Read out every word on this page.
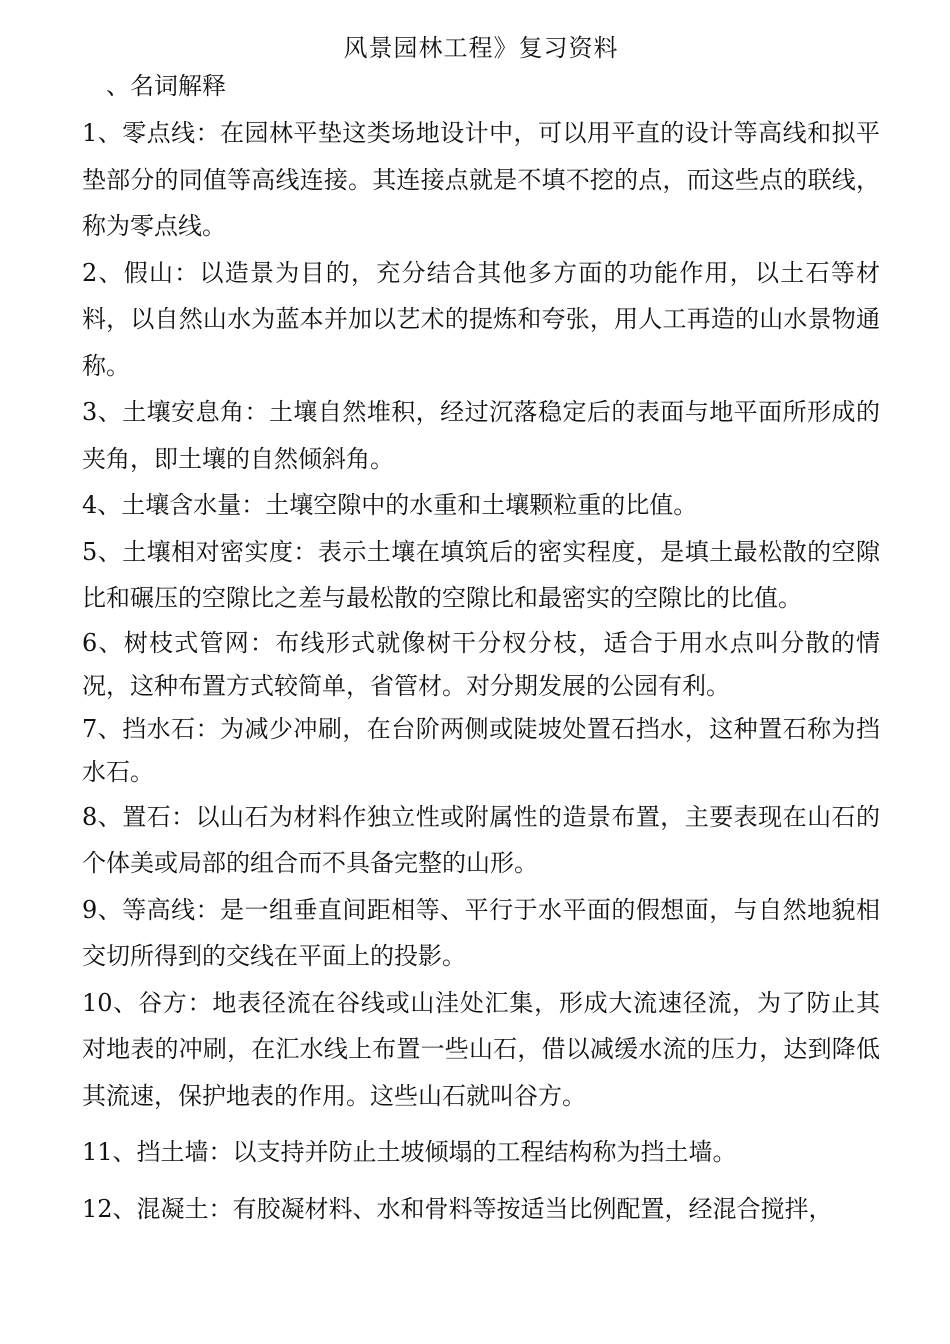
风景园林工程》复习资料
、名词解释

1、零点线：在园林平垫这类场地设计中，可以用平直的设计等高线和拟平垫部分的同值等高线连接。其连接点就是不填不挖的点，而这些点的联线，称为零点线。

2、假山：以造景为目的，充分结合其他多方面的功能作用，以土石等材料，以自然山水为蓝本并加以艺术的提炼和夸张，用人工再造的山水景物通称。

3、土壤安息角：土壤自然堆积，经过沉落稳定后的表面与地平面所形成的夹角，即土壤的自然倾斜角。

4、土壤含水量：土壤空隙中的水重和土壤颗粒重的比值。

5、土壤相对密实度：表示土壤在填筑后的密实程度，是填土最松散的空隙比和碾压的空隙比之差与最松散的空隙比和最密实的空隙比的比值。

6、树枝式管网：布线形式就像树干分杈分枝，适合于用水点叫分散的情况，这种布置方式较简单，省管材。对分期发展的公园有利。

7、挡水石：为减少冲刷，在台阶两侧或陡坡处置石挡水，这种置石称为挡水石。

8、置石：以山石为材料作独立性或附属性的造景布置，主要表现在山石的个体美或局部的组合而不具备完整的山形。

9、等高线：是一组垂直间距相等、平行于水平面的假想面，与自然地貌相交切所得到的交线在平面上的投影。

10、谷方：地表径流在谷线或山洼处汇集，形成大流速径流，为了防止其对地表的冲刷，在汇水线上布置一些山石，借以减缓水流的压力，达到降低其流速，保护地表的作用。这些山石就叫谷方。

11、挡土墙：以支持并防止土坡倾塌的工程结构称为挡土墙。

12、混凝土：有胶凝材料、水和骨料等按适当比例配置，经混合搅拌，
